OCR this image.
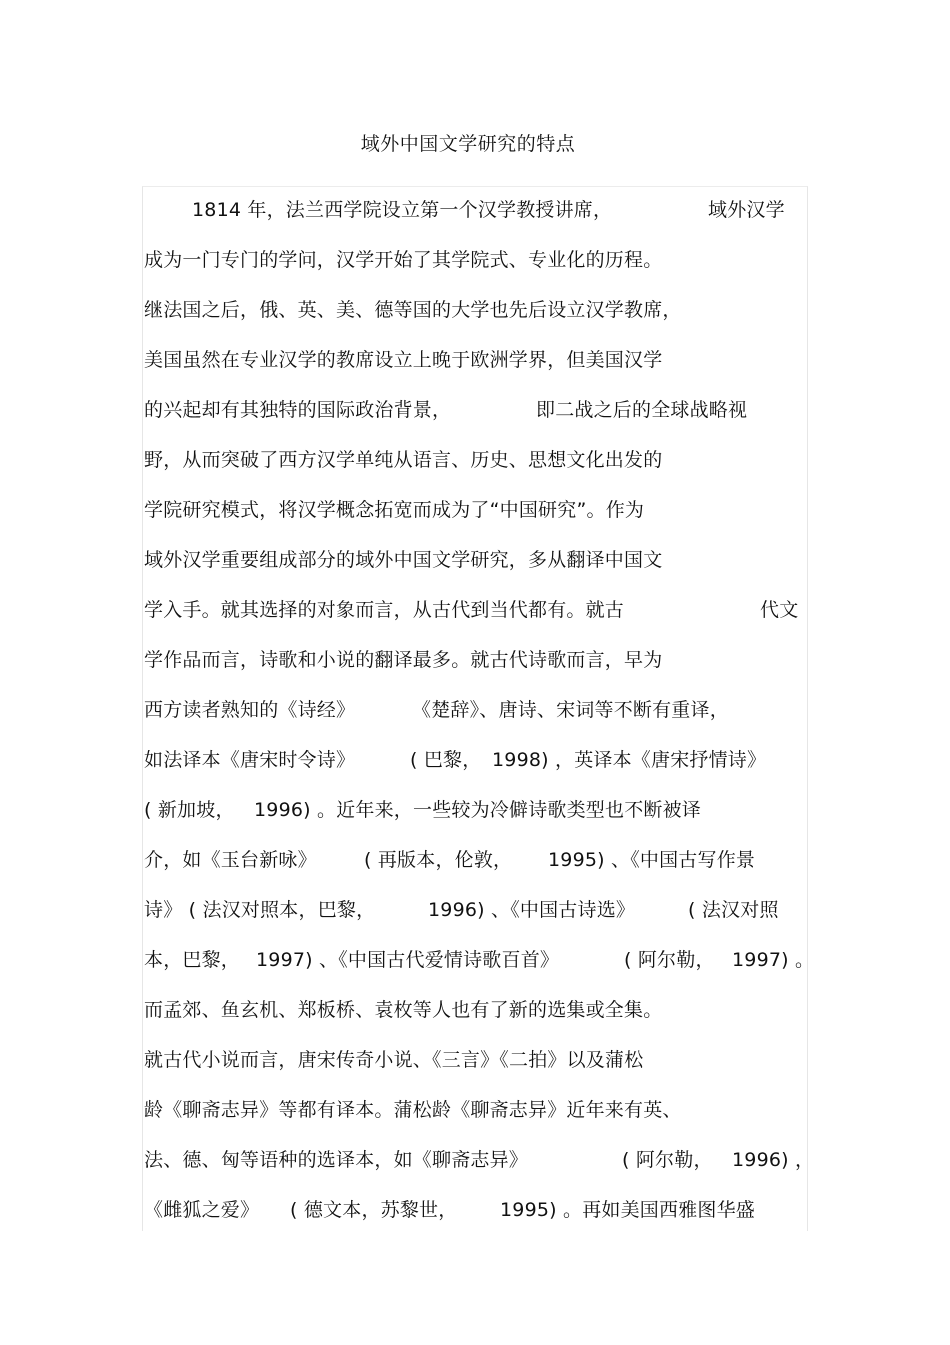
域外中国文学研究的特点
1814 年，法兰西学院设立第一个汉学教授讲席，	域外汉学
成为一门专门的学问，汉学开始了其学院式、专业化的历程。
继法国之后，俄、英、美、德等国的大学也先后设立汉学教席，
美国虽然在专业汉学的教席设立上晚于欧洲学界，但美国汉学
的兴起却有其独特的国际政治背景，	即二战之后的全球战略视
野，从而突破了西方汉学单纯从语言、历史、思想文化出发的
学院研究模式，将汉学概念拓宽而成为了“中国研究”。作为
域外汉学重要组成部分的域外中国文学研究，多从翻译中国文
学入手。就其选择的对象而言，从古代到当代都有。就古	代文
学作品而言，诗歌和小说的翻译最多。就古代诗歌而言，早为
西方读者熟知的《诗经》	《楚辞》、唐诗、宋词等不断有重译，
如法译本《唐宋时令诗》	( 巴黎， 1998) ，英译本《唐宋抒情诗》
( 新加坡， 1996) 。近年来，一些较为冷僻诗歌类型也不断被译
介，如《玉台新咏》 ( 再版本，伦敦， 1995) 、《中国古写作景
诗》 ( 法汉对照本，巴黎，	1996) 、《中国古诗选》	( 法汉对照
本，巴黎， 1997) 、《中国古代爱情诗歌百首》	( 阿尔勒， 1997) 。
而孟郊、鱼玄机、郑板桥、袁枚等人也有了新的选集或全集。
就古代小说而言，唐宋传奇小说、《三言》《二拍》以及蒲松
龄《聊斋志异》等都有译本。蒲松龄《聊斋志异》近年来有英、
法、德、匈等语种的选译本，如《聊斋志异》	( 阿尔勒， 1996) ，
《雌狐之爱》 ( 德文本，苏黎世， 1995) 。再如美国西雅图华盛
